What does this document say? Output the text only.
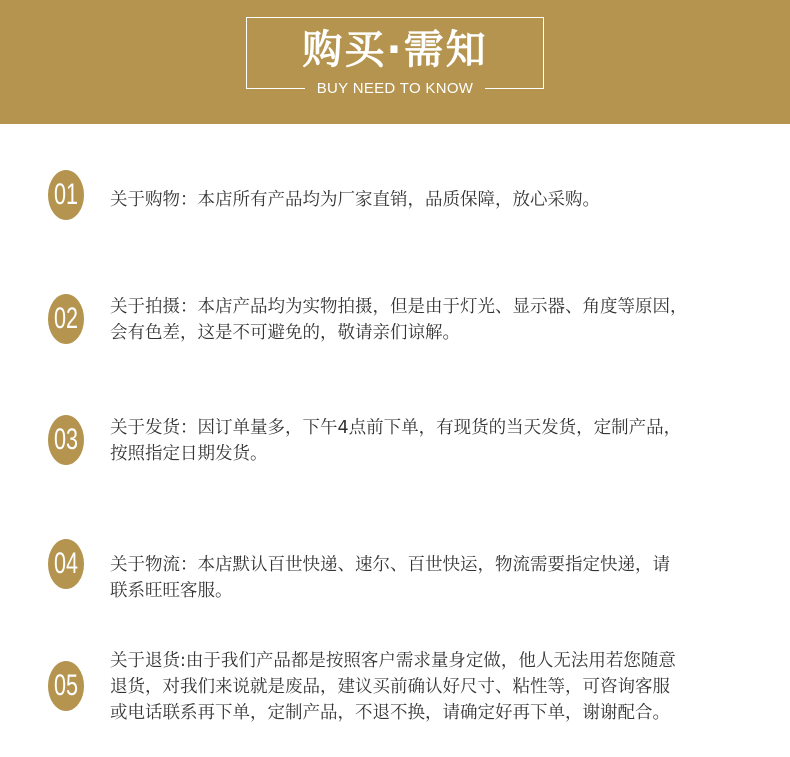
购买·需知
BUY NEED TO KNOW
01	关于购物：本店所有产品均为厂家直销，品质保障，放心采购。
02	关于拍摄：本店产品均为实物拍摄，但是由于灯光、显示器、角度等原因，
会有色差，这是不可避免的，敬请亲们谅解。
03	关于发货：因订单量多，下午4点前下单，有现货的当天发货，定制产品，
按照指定日期发货。
04	关于物流：本店默认百世快递、速尔、百世快运，物流需要指定快递，请
联系旺旺客服。
05
关于退货:由于我们产品都是按照客户需求量身定做，他人无法用若您随意
退货，对我们来说就是废品，建议买前确认好尺寸、粘性等，可咨询客服
或电话联系再下单，定制产品，不退不换，请确定好再下单，谢谢配合。
